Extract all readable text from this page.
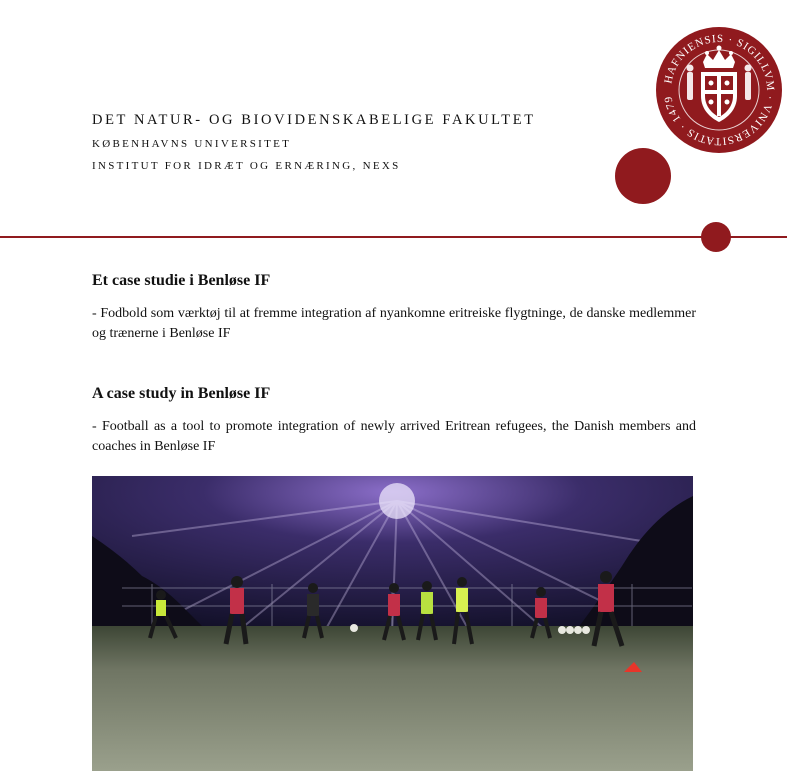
DET NATUR- OG BIOVIDENSKABELIGE FAKULTET

KØBENHAVNS UNIVERSITET

INSTITUT FOR IDRÆT OG ERNÆRING, NEXS

HAFNIENSIS · SIGILLVM · VNIVERSITATIS · 1479
Et case studie i Benløse IF

- Fodbold som værktøj til at fremme integration af nyankomne eritreiske flygtninge, de danske medlemmer og trænerne i Benløse IF

A case study in Benløse IF

- Football as a tool to promote integration of newly arrived Eritrean refugees, the Danish members and coaches in Benløse IF
